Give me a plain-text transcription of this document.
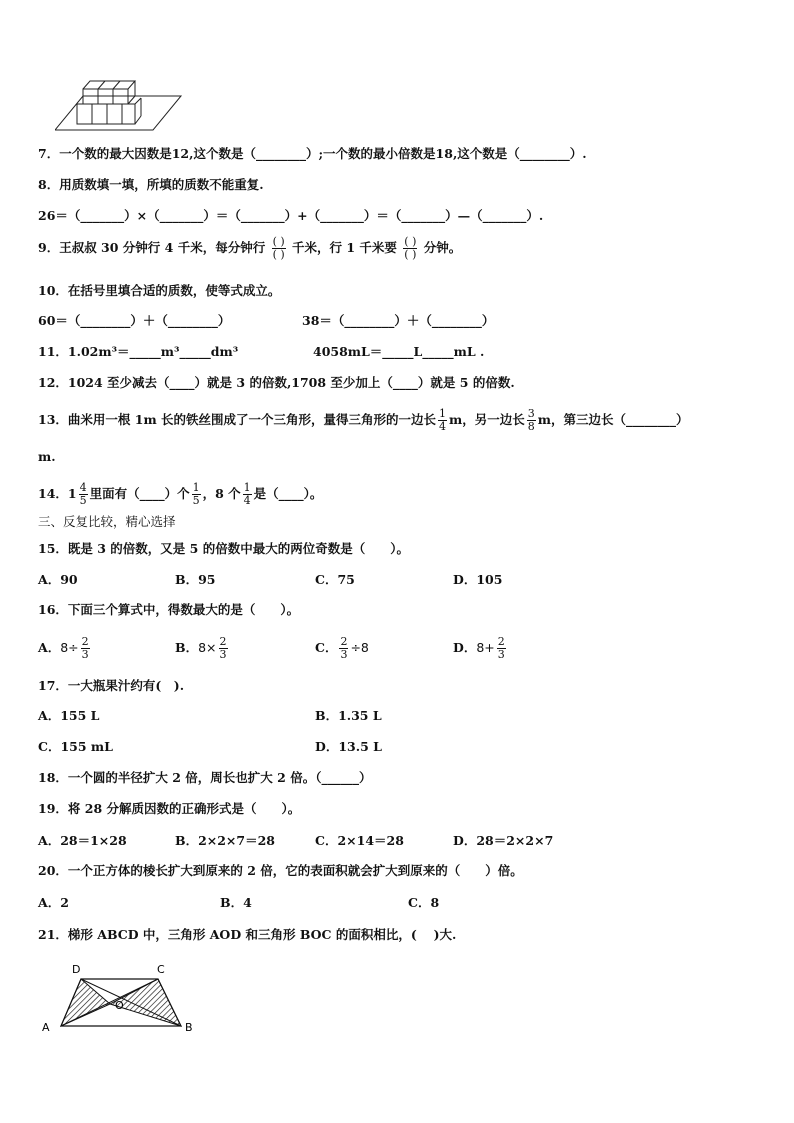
7．一个数的最大因数是12,这个数是（________）;一个数的最小倍数是18,这个数是（________）.
8．用质数填一填，所填的质数不能重复.
26＝（_______）×（_______）＝（_______）+（_______）＝（_______）—（_______）.
9．王叔叔 30 分钟行 4 千米，每分钟行 $\frac{( )}{( )}$ 千米，行 1 千米要 $\frac{( )}{( )}$ 分钟。
10．在括号里填合适的质数，使等式成立。
60＝（________）＋（________）	38＝（________）＋（________）
11．1.02m³＝_____m³_____dm³	4058mL＝_____L_____mL .
12．1024 至少减去（____）就是 3 的倍数,1708 至少加上（____）就是 5 的倍数.
13．曲米用一根 1m 长的铁丝围成了一个三角形，量得三角形的一边长 $\frac{1}{4}$ m，另一边长 $\frac{3}{8}$ m，第三边长（________）
m.
14．$1 \frac{4}{5}$ 里面有（____）个 $\frac{1}{5}$ ，8 个 $\frac{1}{4}$ 是（____）。
三、反复比较，精心选择
15．既是 3 的倍数，又是 5 的倍数中最大的两位奇数是（　　）。
A．90	B．95	C．75	D．105
16．下面三个算式中，得数最大的是（　　）。
A．$8\div \frac{2}{3}$	B．$8\times \frac{2}{3}$	C． $\frac{2}{3} \div 8$	D．$8+ \frac{2}{3}$
17．一大瓶果汁约有(　).
A．155 L	B．1.35 L
C．155 mL	D．13.5 L
18．一个圆的半径扩大 2 倍，周长也扩大 2 倍。（______）
19．将 28 分解质因数的正确形式是（　　）。
A．28＝1×28	B．2×2×7＝28	C．2×14＝28	D．28＝2×2×7
20．一个正方体的棱长扩大到原来的 2 倍，它的表面积就会扩大到原来的（　　）倍。
A．2	B．4	C．8
21．梯形 ABCD 中，三角形 AOD 和三角形 BOC 的面积相比，(　 )大.
D	C
O
A	B
